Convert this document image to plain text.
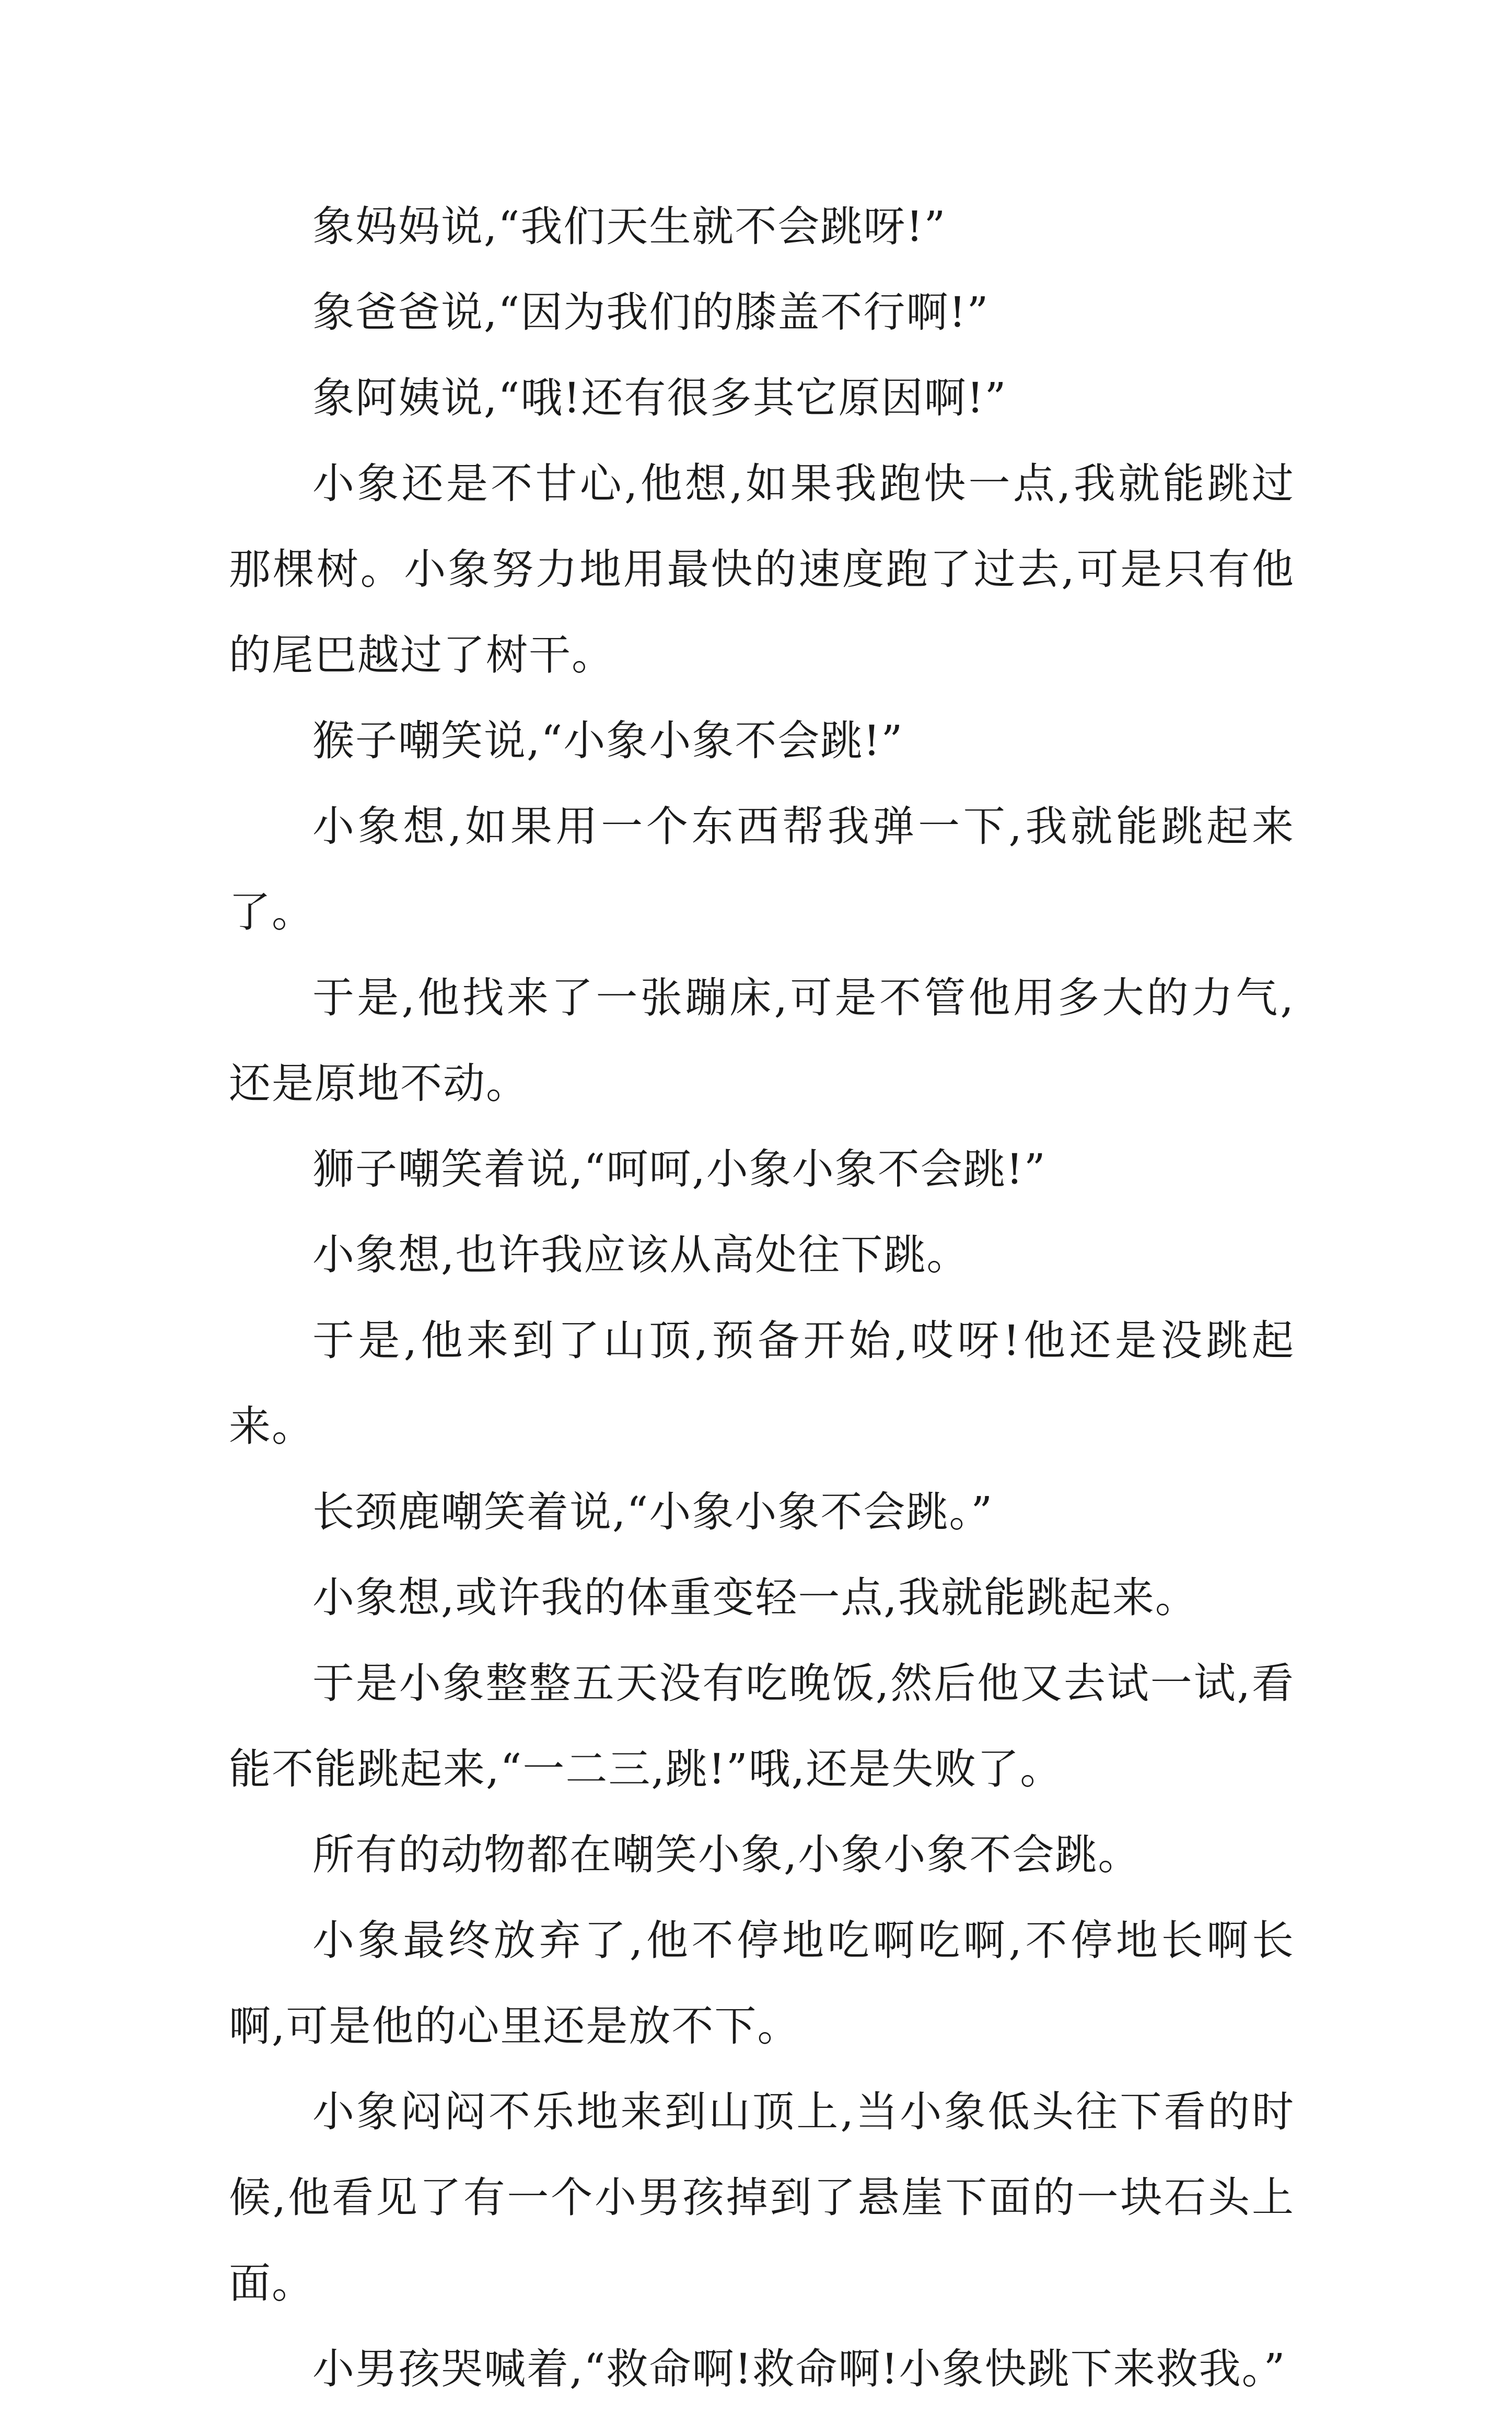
象妈妈说,“我们天生就不会跳呀!”

象爸爸说,“因为我们的膝盖不行啊!”

象阿姨说,“哦!还有很多其它原因啊!”

小象还是不甘心,他想,如果我跑快一点,我就能跳过那棵树。小象努力地用最快的速度跑了过去,可是只有他的尾巴越过了树干。

猴子嘲笑说,“小象小象不会跳!”

小象想,如果用一个东西帮我弹一下,我就能跳起来了。

于是,他找来了一张蹦床,可是不管他用多大的力气,还是原地不动。

狮子嘲笑着说,“呵呵,小象小象不会跳!”

小象想,也许我应该从高处往下跳。

于是,他来到了山顶,预备开始,哎呀!他还是没跳起来。

长颈鹿嘲笑着说,“小象小象不会跳。”

小象想,或许我的体重变轻一点,我就能跳起来。

于是小象整整五天没有吃晚饭,然后他又去试一试,看能不能跳起来,“一二三,跳!”哦,还是失败了。

所有的动物都在嘲笑小象,小象小象不会跳。

小象最终放弃了,他不停地吃啊吃啊,不停地长啊长啊,可是他的心里还是放不下。

小象闷闷不乐地来到山顶上,当小象低头往下看的时候,他看见了有一个小男孩掉到了悬崖下面的一块石头上面。

小男孩哭喊着,“救命啊!救命啊!小象快跳下来救我。”
